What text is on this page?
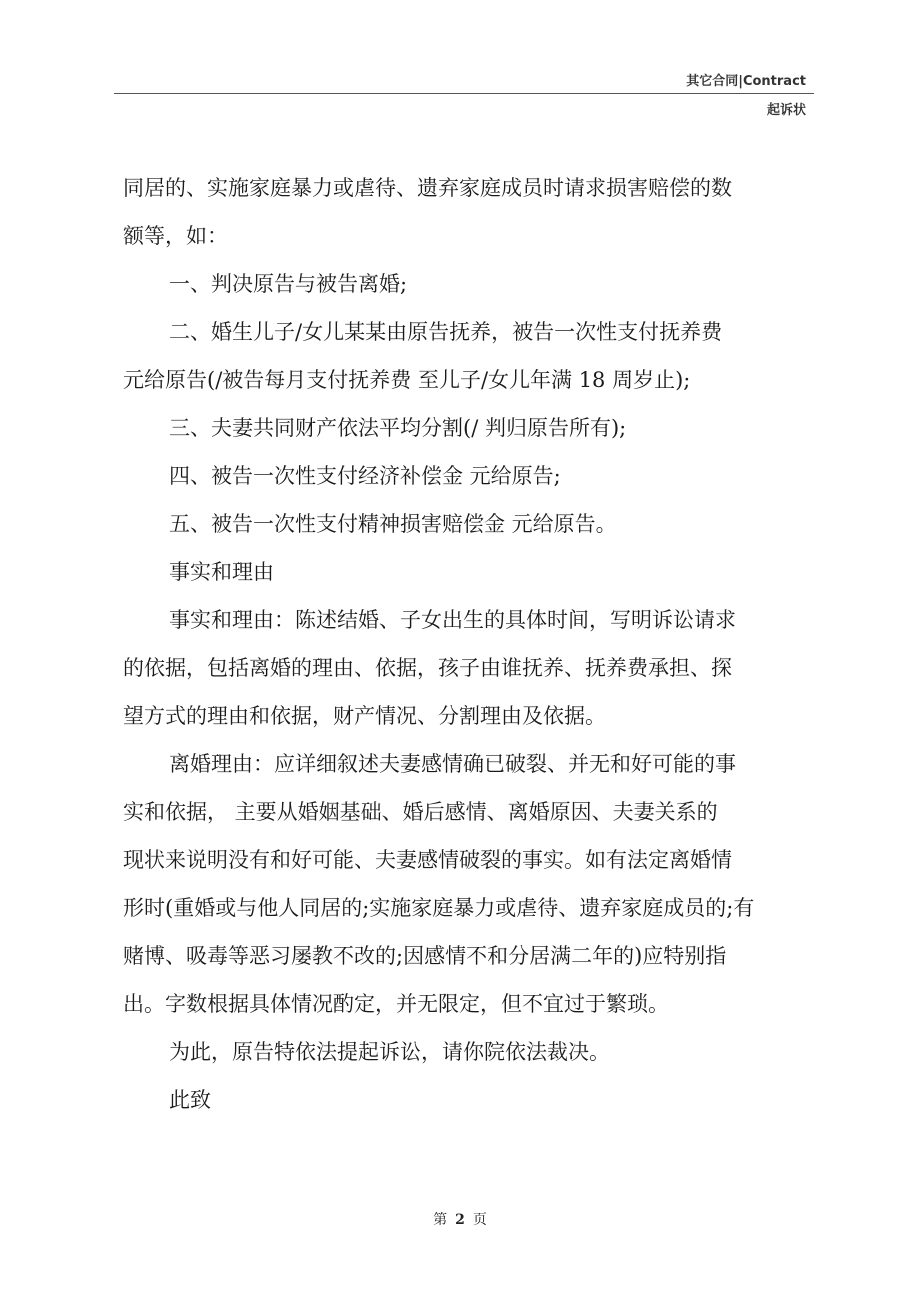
其它合同|Contract
起诉状
同居的、实施家庭暴力或虐待、遗弃家庭成员时请求损害赔偿的数
额等，如：
一、判决原告与被告离婚;
二、婚生儿子/女儿某某由原告抚养，被告一次性支付抚养费
元给原告(/被告每月支付抚养费 至儿子/女儿年满 18 周岁止);
三、夫妻共同财产依法平均分割(/ 判归原告所有);
四、被告一次性支付经济补偿金 元给原告;
五、被告一次性支付精神损害赔偿金 元给原告。
事实和理由
事实和理由：陈述结婚、子女出生的具体时间，写明诉讼请求
的依据，包括离婚的理由、依据，孩子由谁抚养、抚养费承担、探
望方式的理由和依据，财产情况、分割理由及依据。
离婚理由：应详细叙述夫妻感情确已破裂、并无和好可能的事
实和依据， 主要从婚姻基础、婚后感情、离婚原因、夫妻关系的
现状来说明没有和好可能、夫妻感情破裂的事实。如有法定离婚情
形时(重婚或与他人同居的;实施家庭暴力或虐待、遗弃家庭成员的;有
赌博、吸毒等恶习屡教不改的;因感情不和分居满二年的)应特别指
出。字数根据具体情况酌定，并无限定，但不宜过于繁琐。
为此，原告特依法提起诉讼，请你院依法裁决。
此致
第 2 页
